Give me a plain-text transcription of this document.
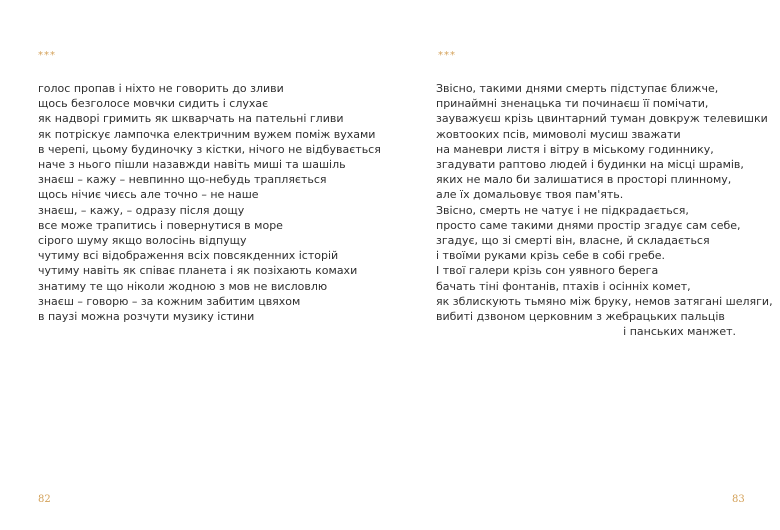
***
голос пропав і ніхто не говорить до зливи
щось безголосе мовчки сидить і слухає
як надворі гримить як шкварчать на пательні гливи
як потріскує лампочка електричним вужем поміж вухами
в черепі, цьому будиночку з кістки, нічого не відбувається
наче з нього пішли назавжди навіть миші та шашіль
знаєш – кажу – невпинно що-небудь трапляється
щось нічиє чиєсь але точно – не наше
знаєш, – кажу, – одразу після дощу
все може трапитись і повернутися в море
сірого шуму якщо волосінь відпущу
чутиму всі відображення всіх повсякденних історій
чутиму навіть як співає планета і як позіхають комахи
знатиму те що ніколи жодною з мов не висловлю
знаєш – говорю – за кожним забитим цвяхом
в паузі можна розчути музику істини
82
***
Звісно, такими днями смерть підступає ближче,
принаймні зненацька ти починаєш її помічати,
зауважуєш крізь цвинтарний туман довкруж телевишки
жовтооких псів, мимоволі мусиш зважати
на маневри листя і вітру в міському годиннику,
згадувати раптово людей і будинки на місці шрамів,
яких не мало би залишатися в просторі плинному,
але їх домальовує твоя пам'ять.
Звісно, смерть не чатує і не підкрадається,
просто саме такими днями простір згадує сам себе,
згадує, що зі смерті він, власне, й складається
і твоїми руками крізь себе в собі гребе.
І твої галери крізь сон уявного берега
бачать тіні фонтанів, птахів і осінніх комет,
як зблискують тьмяно між бруку, немов затягані шеляги,
вибиті дзвоном церковним з жебрацьких пальців
і панських манжет.
83
